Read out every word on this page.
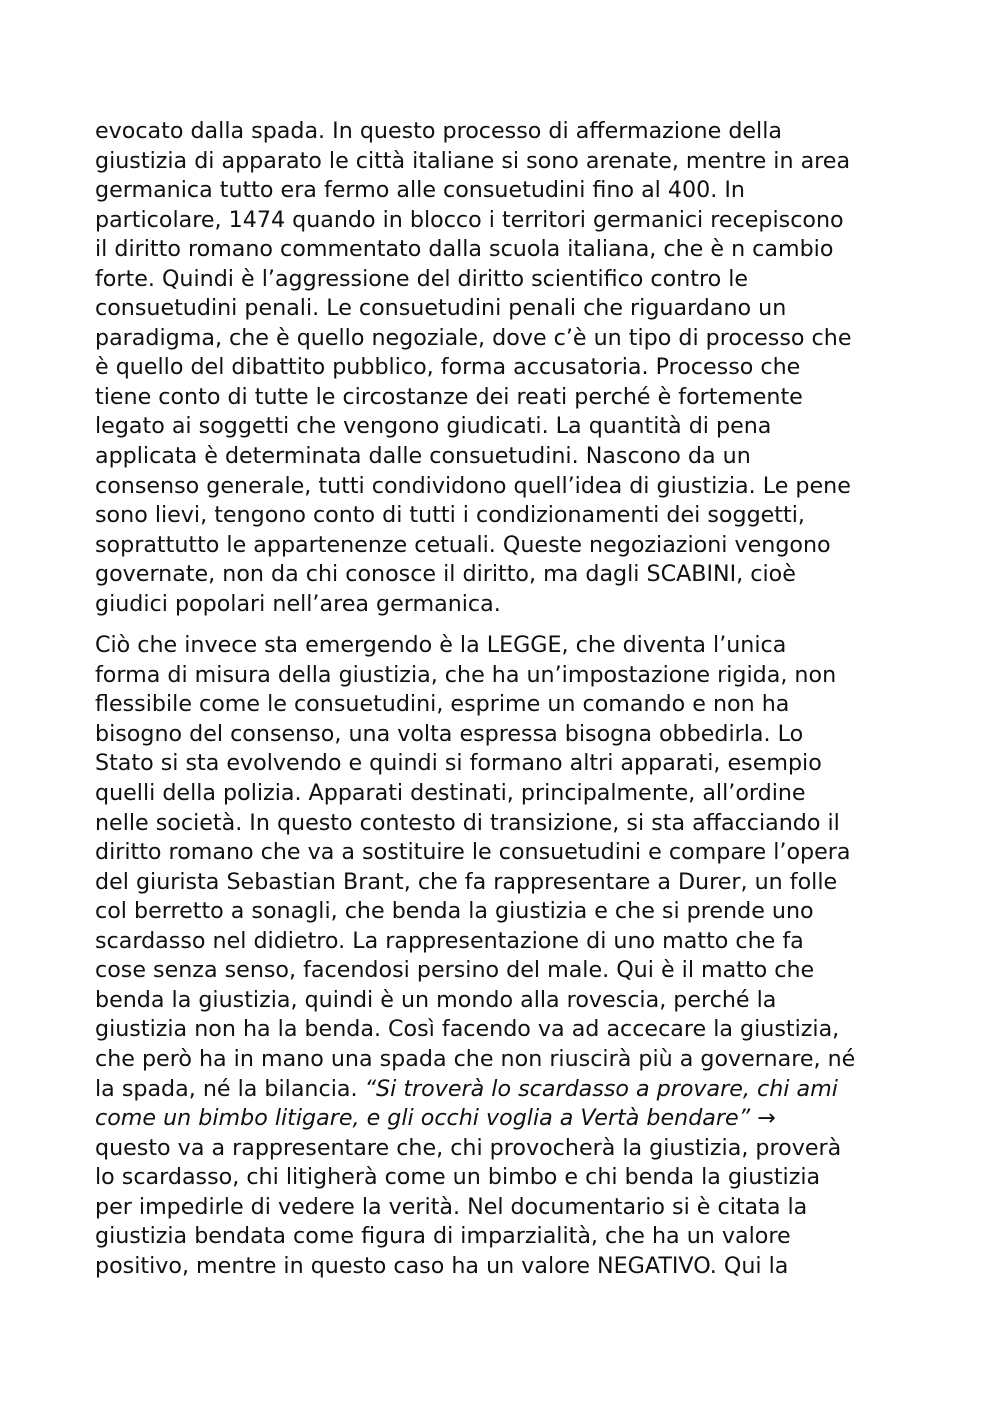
evocato dalla spada. In questo processo di affermazione della
giustizia di apparato le città italiane si sono arenate, mentre in area
germanica tutto era fermo alle consuetudini fino al 400. In
particolare, 1474 quando in blocco i territori germanici recepiscono
il diritto romano commentato dalla scuola italiana, che è n cambio
forte. Quindi è l’aggressione del diritto scientifico contro le
consuetudini penali. Le consuetudini penali che riguardano un
paradigma, che è quello negoziale, dove c’è un tipo di processo che
è quello del dibattito pubblico, forma accusatoria. Processo che
tiene conto di tutte le circostanze dei reati perché è fortemente
legato ai soggetti che vengono giudicati. La quantità di pena
applicata è determinata dalle consuetudini. Nascono da un
consenso generale, tutti condividono quell’idea di giustizia. Le pene
sono lievi, tengono conto di tutti i condizionamenti dei soggetti,
soprattutto le appartenenze cetuali. Queste negoziazioni vengono
governate, non da chi conosce il diritto, ma dagli SCABINI, cioè
giudici popolari nell’area germanica.

Ciò che invece sta emergendo è la LEGGE, che diventa l’unica
forma di misura della giustizia, che ha un’impostazione rigida, non
flessibile come le consuetudini, esprime un comando e non ha
bisogno del consenso, una volta espressa bisogna obbedirla. Lo
Stato si sta evolvendo e quindi si formano altri apparati, esempio
quelli della polizia. Apparati destinati, principalmente, all’ordine
nelle società. In questo contesto di transizione, si sta affacciando il
diritto romano che va a sostituire le consuetudini e compare l’opera
del giurista Sebastian Brant, che fa rappresentare a Durer, un folle
col berretto a sonagli, che benda la giustizia e che si prende uno
scardasso nel didietro. La rappresentazione di uno matto che fa
cose senza senso, facendosi persino del male. Qui è il matto che
benda la giustizia, quindi è un mondo alla rovescia, perché la
giustizia non ha la benda. Così facendo va ad accecare la giustizia,
che però ha in mano una spada che non riuscirà più a governare, né
la spada, né la bilancia. “Si troverà lo scardasso a provare, chi ami
come un bimbo litigare, e gli occhi voglia a Vertà bendare” →
questo va a rappresentare che, chi provocherà la giustizia, proverà
lo scardasso, chi litigherà come un bimbo e chi benda la giustizia
per impedirle di vedere la verità. Nel documentario si è citata la
giustizia bendata come figura di imparzialità, che ha un valore
positivo, mentre in questo caso ha un valore NEGATIVO. Qui la
